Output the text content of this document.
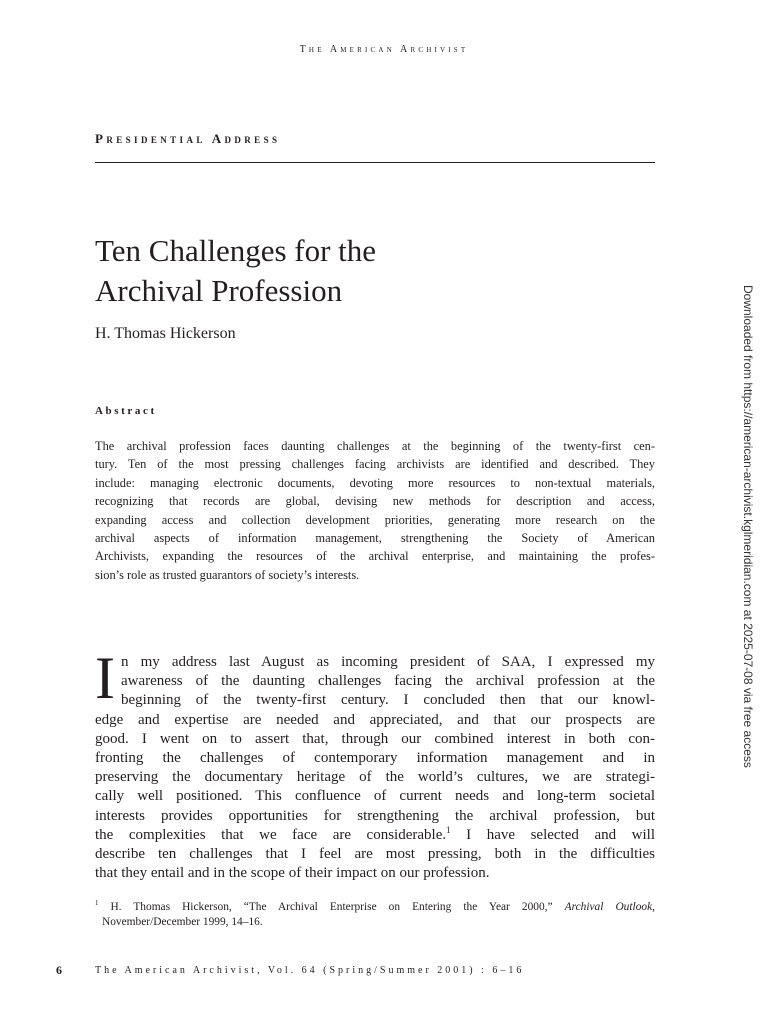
The American Archivist
Presidential Address
Ten Challenges for the
Archival Profession
H. Thomas Hickerson
Abstract
The archival profession faces daunting challenges at the beginning of the twenty-first cen-
tury. Ten of the most pressing challenges facing archivists are identified and described. They
include: managing electronic documents, devoting more resources to non-textual materials,
recognizing that records are global, devising new methods for description and access,
expanding access and collection development priorities, generating more research on the
archival aspects of information management, strengthening the Society of American
Archivists, expanding the resources of the archival enterprise, and maintaining the profes-
sion’s role as trusted guarantors of society’s interests.
I n my address last August as incoming president of SAA, I expressed my
awareness of the daunting challenges facing the archival profession at the
beginning of the twenty-first century. I concluded then that our knowl-
edge and expertise are needed and appreciated, and that our prospects are
good. I went on to assert that, through our combined interest in both con-
fronting the challenges of contemporary information management and in
preserving the documentary heritage of the world’s cultures, we are strategi-
cally well positioned. This confluence of current needs and long-term societal
interests provides opportunities for strengthening the archival profession, but
the complexities that we face are considerable.$^1$ I have selected and will
describe ten challenges that I feel are most pressing, both in the difficulties
that they entail and in the scope of their impact on our profession.
$^1$ H. Thomas Hickerson, “The Archival Enterprise on Entering the Year 2000,” Archival Outlook,
November/December 1999, 14–16.
6	The American Archivist, Vol. 64 (Spring/Summer 2001) : 6–16
Downloaded from https://american-archivist.kglmeridian.com at 2025-07-08 via free access
